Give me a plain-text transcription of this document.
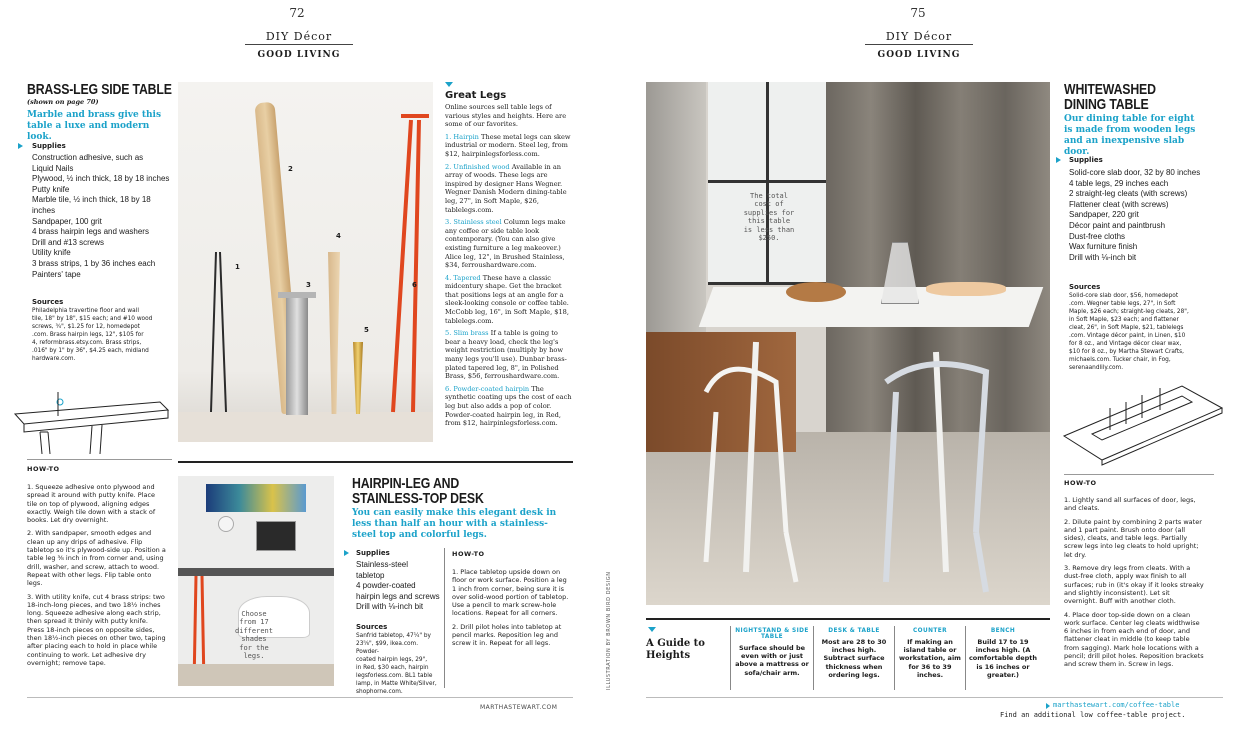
72
DIY Décor
GOOD LIVING
BRASS-LEG SIDE TABLE
(shown on page 70)
Marble and brass give this table a luxe and modern look.
Supplies
Construction adhesive, such as
Liquid Nails
Plywood, ½ inch thick, 18 by 18 inches
Putty knife
Marble tile, ½ inch thick, 18 by 18
inches
Sandpaper, 100 grit
4 brass hairpin legs and washers
Drill and #13 screws
Utility knife
3 brass strips, 1 by 36 inches each
Painters' tape
Sources
Philadelphia travertine floor and wall
tile, 18" by 18", $15 each; and #10 wood
screws, ¾", $1.25 for 12, homedepot
.com. Brass hairpin legs, 12", $105 for
4, reformbrass.etsy.com. Brass strips,
.016" by 1" by 36", $4.25 each, midland
hardware.com.
HOW-TO

1. Squeeze adhesive onto plywood and spread it around with putty knife. Place tile on top of plywood, aligning edges exactly. Weigh tile down with a stack of books. Let dry overnight.

2. With sandpaper, smooth edges and clean up any drips of adhesive. Flip tabletop so it's plywood-side up. Position a table leg ⅜ inch in from corner and, using drill, washer, and screw, attach to wood. Repeat with other legs. Flip table onto legs.

3. With utility knife, cut 4 brass strips: two 18-inch-long pieces, and two 18½ inches long. Squeeze adhesive along each strip, then spread it thinly with putty knife. Press 18-inch pieces on opposite sides, then 18½-inch pieces on other two, taping after placing each to hold in place while continuing to work. Let adhesive dry overnight; remove tape.

1
2
3
4
5
6
Great Legs

Online sources sell table legs of various styles and heights. Here are some of our favorites.

1. Hairpin These metal legs can skew industrial or modern. Steel leg, from $12, hairpinlegsforless.com.

2. Unfinished wood Available in an array of woods. These legs are inspired by designer Hans Wegner. Wegner Danish Modern dining-table leg, 27", in Soft Maple, $26, tablelegs.com.

3. Stainless steel Column legs make any coffee or side table look contemporary. (You can also give existing furniture a leg makeover.) Alice leg, 12", in Brushed Stainless, $34, ferroushardware.com.

4. Tapered These have a classic midcentury shape. Get the bracket that positions legs at an angle for a sleek-looking console or coffee table. McCobb leg, 16", in Soft Maple, $18, tablelegs.com.

5. Slim brass If a table is going to bear a heavy load, check the leg's weight restriction (multiply by how many legs you'll use). Dunbar brass-plated tapered leg, 8", in Polished Brass, $56, ferroushardware.com.

6. Powder-coated hairpin The synthetic coating ups the cost of each leg but also adds a pop of color. Powder-coated hairpin leg, in Red, from $12, hairpinlegsforless.com.

Choose
from 17
different
shades
for the
legs.
HAIRPIN-LEG AND
STAINLESS-TOP DESK
You can easily make this elegant desk in less than half an hour with a stainless-steel top and colorful legs.
Supplies
Stainless-steel
tabletop
4 powder-coated
hairpin legs and screws
Drill with ⅛-inch bit
Sources
Sanfrid tabletop, 47¼" by
23⅝", $99, ikea.com. Powder-
coated hairpin legs, 29",
in Red, $30 each, hairpin
legsforless.com. BL1 table
lamp, in Matte White/Silver,
shophorne.com.
HOW-TO

1. Place tabletop upside down on floor or work surface. Position a leg 1 inch from corner, being sure it is over solid-wood portion of tabletop. Use a pencil to mark screw-hole locations. Repeat for all corners.

2. Drill pilot holes into tabletop at pencil marks. Reposition leg and screw it in. Repeat for all legs.

MARTHASTEWART.COM
ILLUSTRATION BY BROWN BIRD DESIGN
75
DIY Décor
GOOD LIVING
The total
cost of
supplies for
this table
is less than
$250.
A Guide to
Heights
NIGHTSTAND & SIDE TABLE
Surface should be even with or just above a mattress or sofa/chair arm.
DESK & TABLE
Most are 28 to 30 inches high. Subtract surface thickness when ordering legs.
COUNTER
If making an island table or workstation, aim for 36 to 39 inches.
BENCH
Build 17 to 19 inches high. (A comfortable depth is 16 inches or greater.)
WHITEWASHED
DINING TABLE
Our dining table for eight is made from wooden legs and an inexpensive slab door.
Supplies
Solid-core slab door, 32 by 80 inches
4 table legs, 29 inches each
2 straight-leg cleats (with screws)
Flattener cleat (with screws)
Sandpaper, 220 grit
Décor paint and paintbrush
Dust-free cloths
Wax furniture finish
Drill with ⅛-inch bit
Sources
Solid-core slab door, $56, homedepot
.com. Wegner table legs, 27", in Soft
Maple, $26 each; straight-leg cleats, 28",
in Soft Maple, $23 each; and flattener
cleat, 26", in Soft Maple, $21, tablelegs
.com. Vintage décor paint, in Linen, $10
for 8 oz., and Vintage décor clear wax,
$10 for 8 oz., by Martha Stewart Crafts,
michaels.com. Tucker chair, in Fog,
serenaandlily.com.
HOW-TO

1. Lightly sand all surfaces of door, legs, and cleats.

2. Dilute paint by combining 2 parts water and 1 part paint. Brush onto door (all sides), cleats, and table legs. Partially screw legs into leg cleats to hold upright; let dry.

3. Remove dry legs from cleats. With a dust-free cloth, apply wax finish to all surfaces; rub in (it's okay if it looks streaky and slightly inconsistent). Let sit overnight. Buff with another cloth.

4. Place door top-side down on a clean work surface. Center leg cleats widthwise 6 inches in from each end of door, and flattener cleat in middle (to keep table from sagging). Mark hole locations with a pencil; drill pilot holes. Reposition brackets and screw them in. Screw in legs.

marthastewart.com/coffee-table
Find an additional low coffee-table project.
